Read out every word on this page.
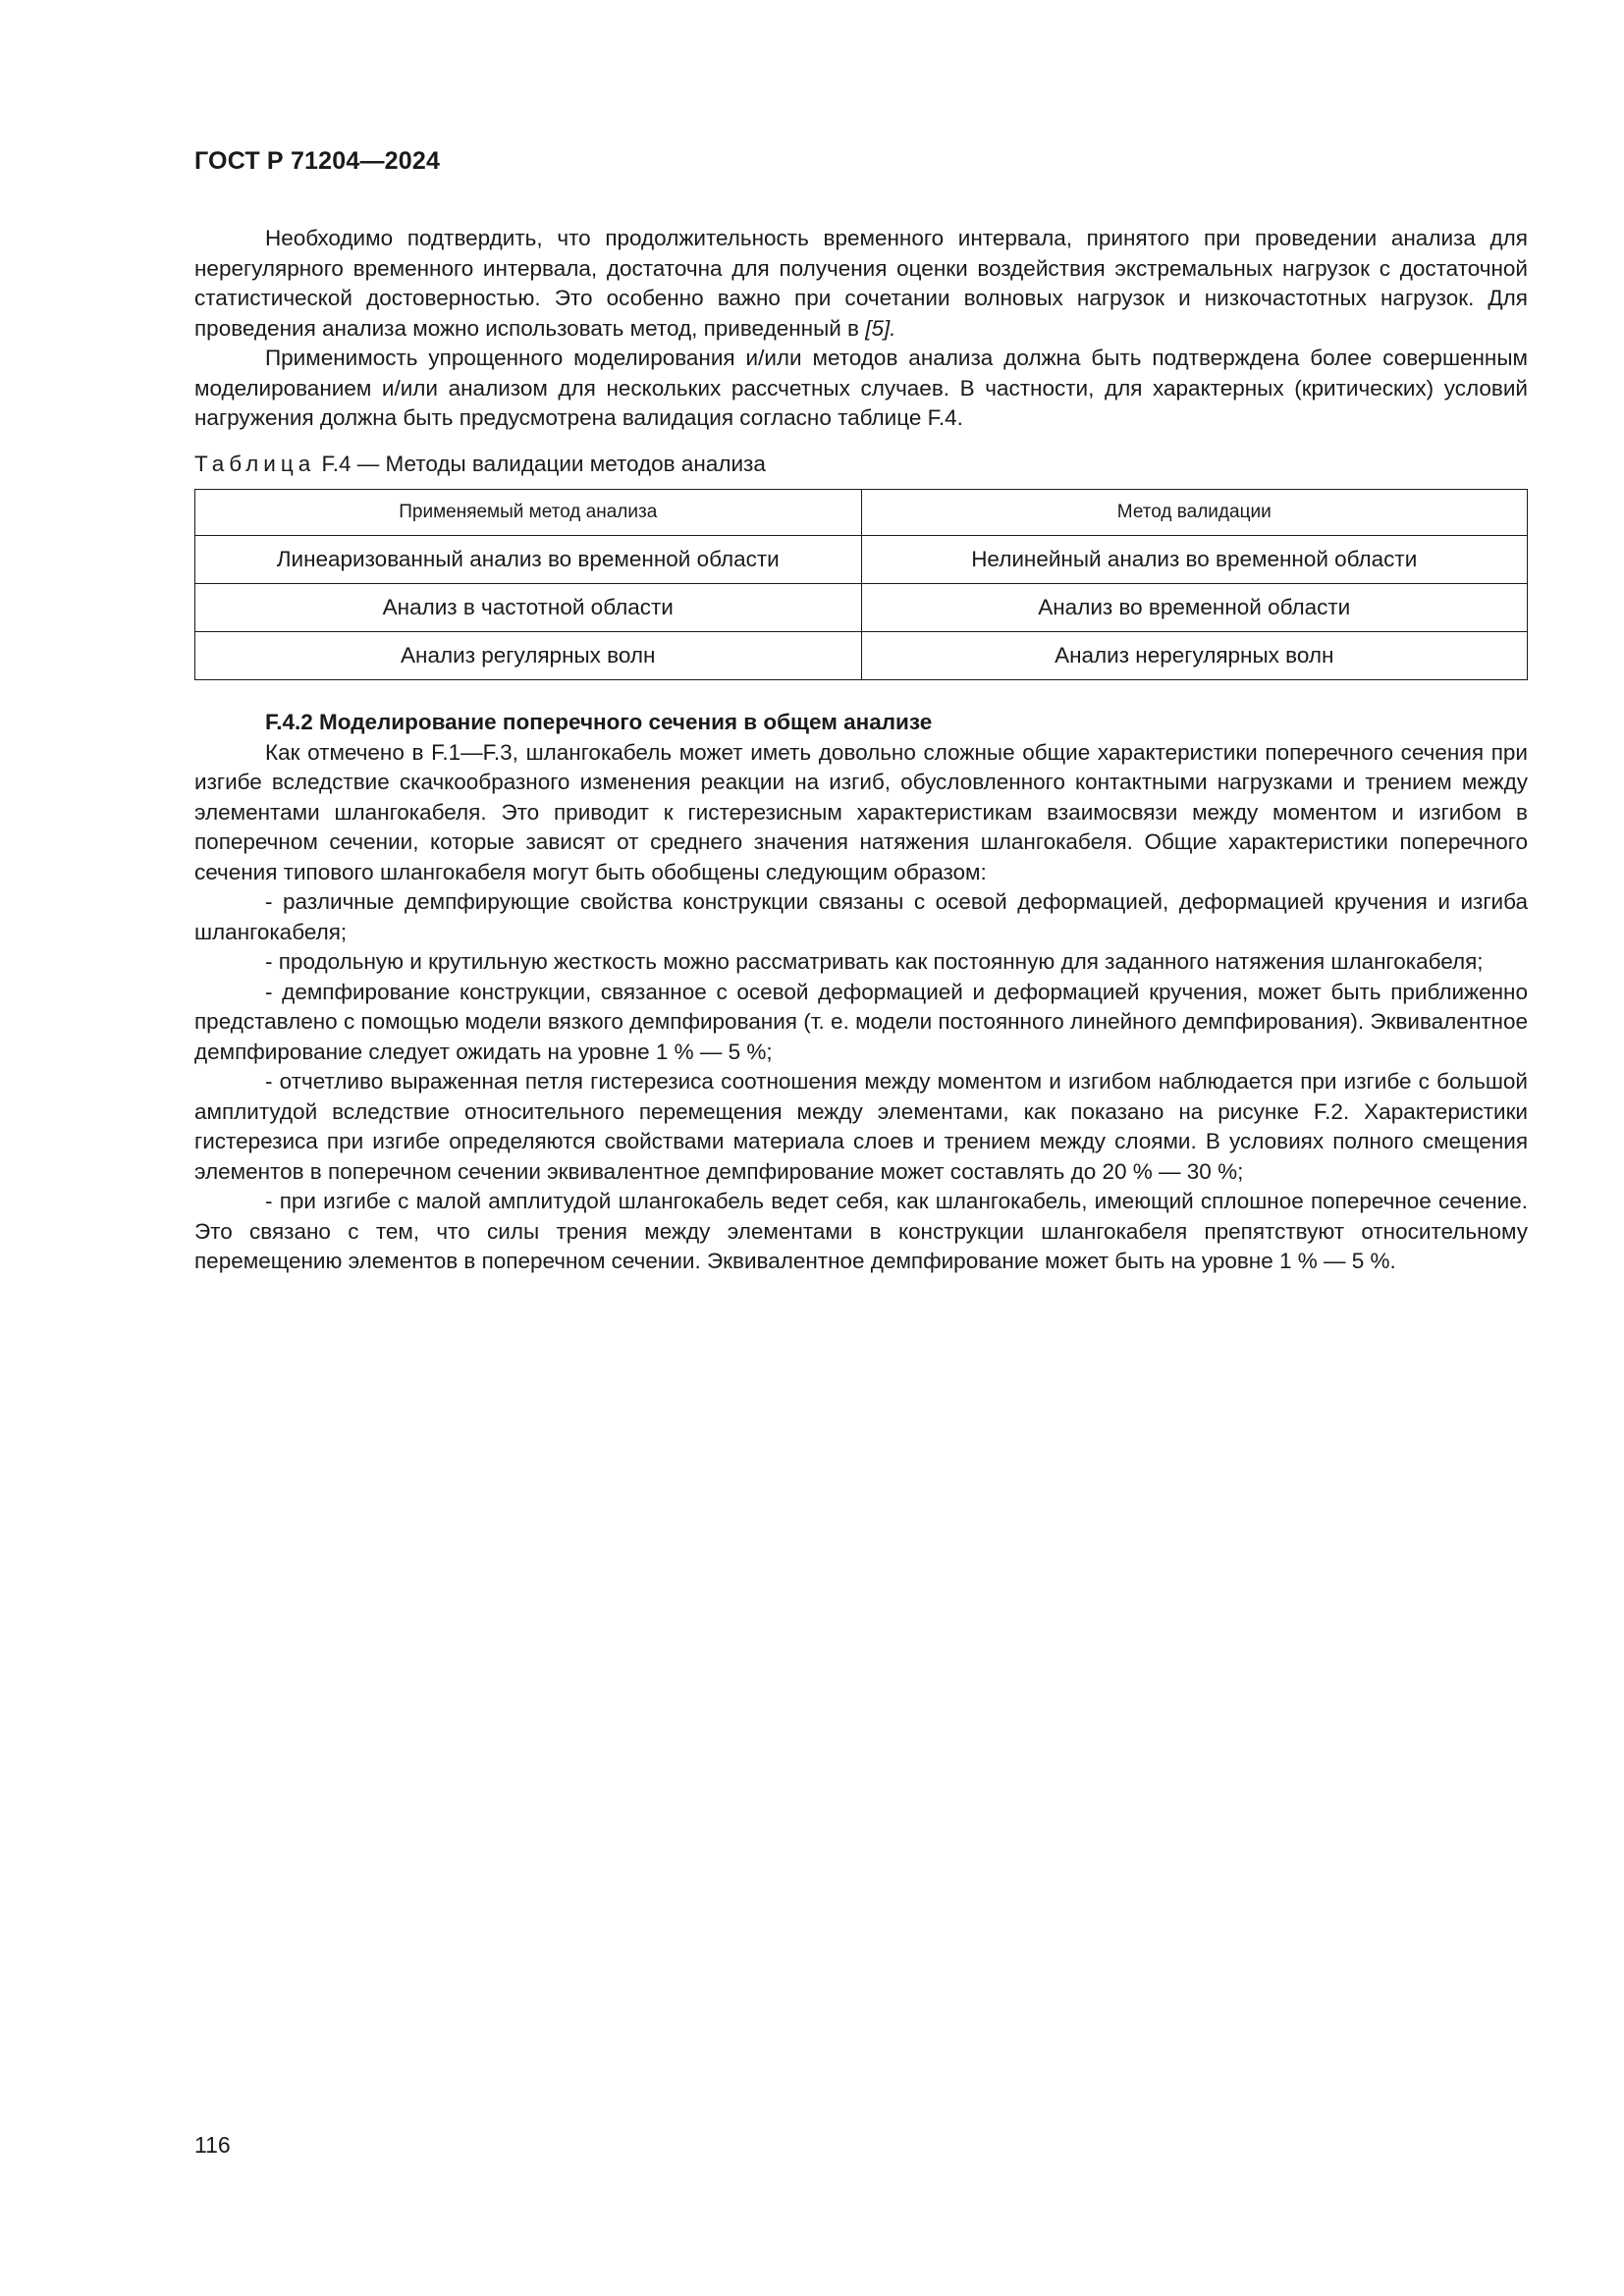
ГОСТ Р 71204—2024

Необходимо подтвердить, что продолжительность временного интервала, принятого при проведении анализа для нерегулярного временного интервала, достаточна для получения оценки воздействия экстремальных нагрузок с достаточной статистической достоверностью. Это особенно важно при сочетании волновых нагрузок и низкочастотных нагрузок. Для проведения анализа можно использовать метод, приведенный в [5].

Применимость упрощенного моделирования и/или методов анализа должна быть подтверждена более совершенным моделированием и/или анализом для нескольких рассчетных случаев. В частности, для характерных (критических) условий нагружения должна быть предусмотрена валидация согласно таблице F.4.

Таблица F.4 — Методы валидации методов анализа
Применяемый метод анализа	Метод валидации
Линеаризованный анализ во временной области	Нелинейный анализ во временной области
Анализ в частотной области	Анализ во временной области
Анализ регулярных волн	Анализ нерегулярных волн

F.4.2 Моделирование поперечного сечения в общем анализе

Как отмечено в F.1—F.3, шлангокабель может иметь довольно сложные общие характеристики поперечного сечения при изгибе вследствие скачкообразного изменения реакции на изгиб, обусловленного контактными нагрузками и трением между элементами шлангокабеля. Это приводит к гистерезисным характеристикам взаимосвязи между моментом и изгибом в поперечном сечении, которые зависят от среднего значения натяжения шлангокабеля. Общие характеристики поперечного сечения типового шлангокабеля могут быть обобщены следующим образом:

- различные демпфирующие свойства конструкции связаны с осевой деформацией, деформацией кручения и изгиба шлангокабеля;

- продольную и крутильную жесткость можно рассматривать как постоянную для заданного натяжения шлангокабеля;

- демпфирование конструкции, связанное с осевой деформацией и деформацией кручения, может быть приближенно представлено с помощью модели вязкого демпфирования (т. е. модели постоянного линейного демпфирования). Эквивалентное демпфирование следует ожидать на уровне 1 % — 5 %;

- отчетливо выраженная петля гистерезиса соотношения между моментом и изгибом наблюдается при изгибе с большой амплитудой вследствие относительного перемещения между элементами, как показано на рисунке F.2. Характеристики гистерезиса при изгибе определяются свойствами материала слоев и трением между слоями. В условиях полного смещения элементов в поперечном сечении эквивалентное демпфирование может составлять до 20 % — 30 %;

- при изгибе с малой амплитудой шлангокабель ведет себя, как шлангокабель, имеющий сплошное поперечное сечение. Это связано с тем, что силы трения между элементами в конструкции шлангокабеля препятствуют относительному перемещению элементов в поперечном сечении. Эквивалентное демпфирование может быть на уровне 1 % — 5 %.

116
